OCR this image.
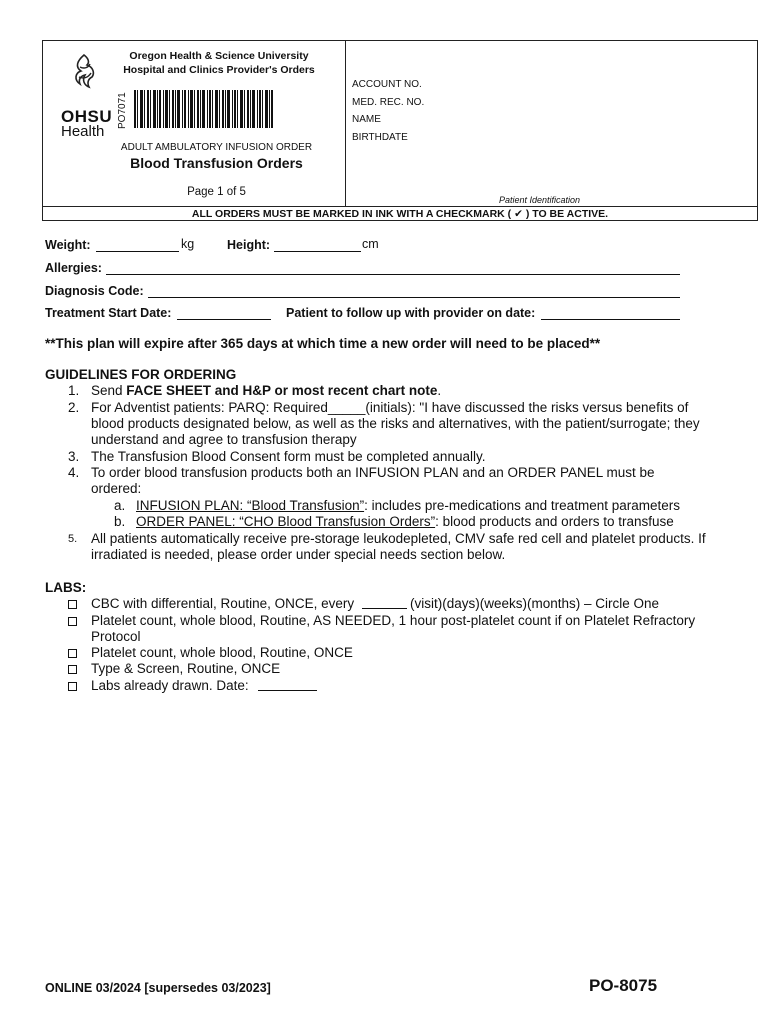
OHSU
Health
Oregon Health & Science University
Hospital and Clinics Provider's Orders
PO7071
ADULT AMBULATORY INFUSION ORDER
Blood Transfusion Orders
Page 1 of 5
ACCOUNT NO.
MED. REC. NO.
NAME
BIRTHDATE
Patient Identification
ALL ORDERS MUST BE MARKED IN INK WITH A CHECKMARK ( ✔ ) TO BE ACTIVE.
Weight:	kg	Height:	cm
Allergies:
Diagnosis Code:
Treatment Start Date:	Patient to follow up with provider on date:
**This plan will expire after 365 days at which time a new order will need to be placed**
GUIDELINES FOR ORDERING
1. Send FACE SHEET and H&P or most recent chart note.
2. For Adventist patients: PARQ: Required_____(initials): "I have discussed the risks versus benefits of
blood products designated below, as well as the risks and alternatives, with the patient/surrogate; they
understand and agree to transfusion therapy
3. The Transfusion Blood Consent form must be completed annually.
4. To order blood transfusion products both an INFUSION PLAN and an ORDER PANEL must be
ordered:
a. INFUSION PLAN: “Blood Transfusion”: includes pre-medications and treatment parameters
b. ORDER PANEL: “CHO Blood Transfusion Orders”: blood products and orders to transfuse
5. All patients automatically receive pre-storage leukodepleted, CMV safe red cell and platelet products. If
irradiated is needed, please order under special needs section below.
LABS:
CBC with differential, Routine, ONCE, every	(visit)(days)(weeks)(months) – Circle One
Platelet count, whole blood, Routine, AS NEEDED, 1 hour post-platelet count if on Platelet Refractory
Protocol
Platelet count, whole blood, Routine, ONCE
Type & Screen, Routine, ONCE
Labs already drawn. Date:
ONLINE 03/2024 [supersedes 03/2023]	PO-8075
